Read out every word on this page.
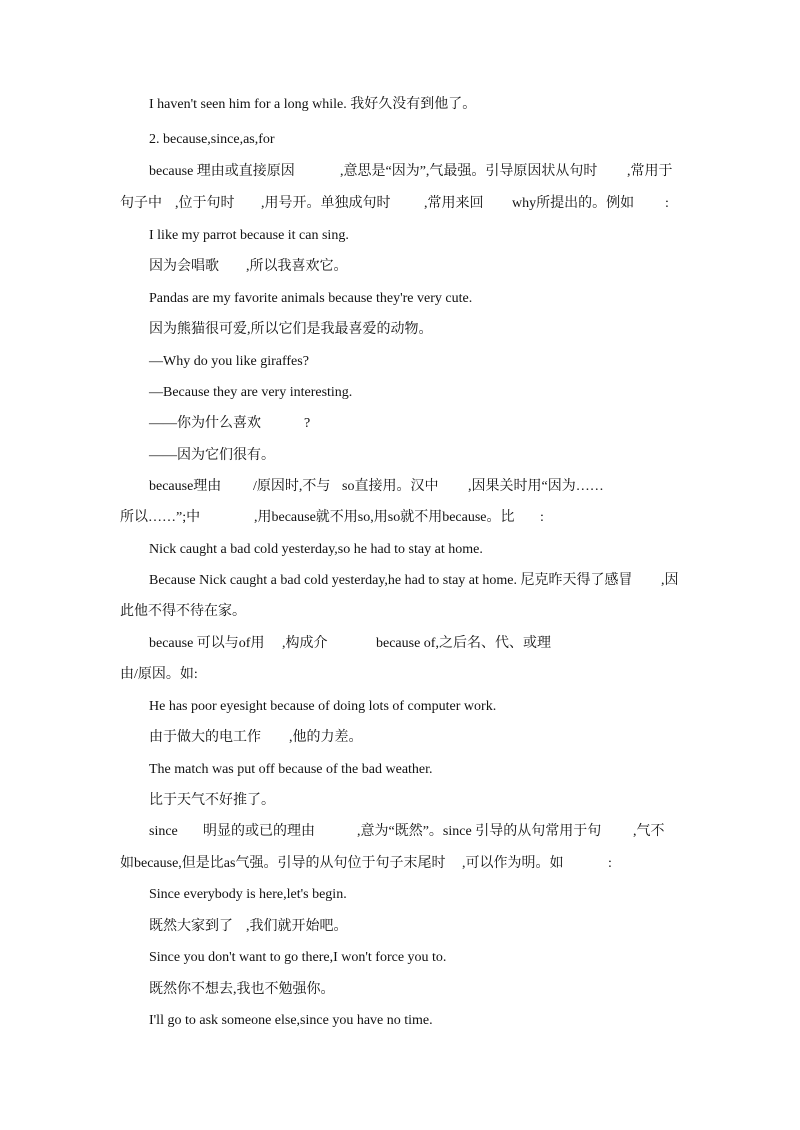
I haven't seen him for a long while. 我好久没有到他了。
2. because,since,as,for
because 理由或直接原因	,意思是“因为”,气最强。引导原因状从句时 ,常用于
句子中 ,位于句时 ,用号开。单独成句时 ,常用来回 why所提出的。例如 :
I like my parrot because it can sing.
因为会唱歌 ,所以我喜欢它。
Pandas are my favorite animals because they're very cute.
因为熊猫很可爱,所以它们是我最喜爱的动物。
—Why do you like giraffes?
—Because they are very interesting.
——你为什么喜欢	?
——因为它们很有。
because理由 /原因时,不与 so直接用。汉中 ,因果关时用“因为……
所以……”;中	,用because就不用so,用so就不用because。比 :
Nick caught a bad cold yesterday,so he had to stay at home.
Because Nick caught a bad cold yesterday,he had to stay at home. 尼克昨天得了感冒 ,因
此他不得不待在家。
because 可以与of用 ,构成介	because of,之后名、代、或理
由/原因。如:
He has poor eyesight because of doing lots of computer work.
由于做大的电工作 ,他的力差。
The match was put off because of the bad weather.
比于天气不好推了。
since 明显的或已的理由	,意为“既然”。since 引导的从句常用于句 ,气不
如because,但是比as气强。引导的从句位于句子末尾时 ,可以作为明。如	:
Since everybody is here,let's begin.
既然大家到了 ,我们就开始吧。
Since you don't want to go there,I won't force you to.
既然你不想去,我也不勉强你。
I'll go to ask someone else,since you have no time.
